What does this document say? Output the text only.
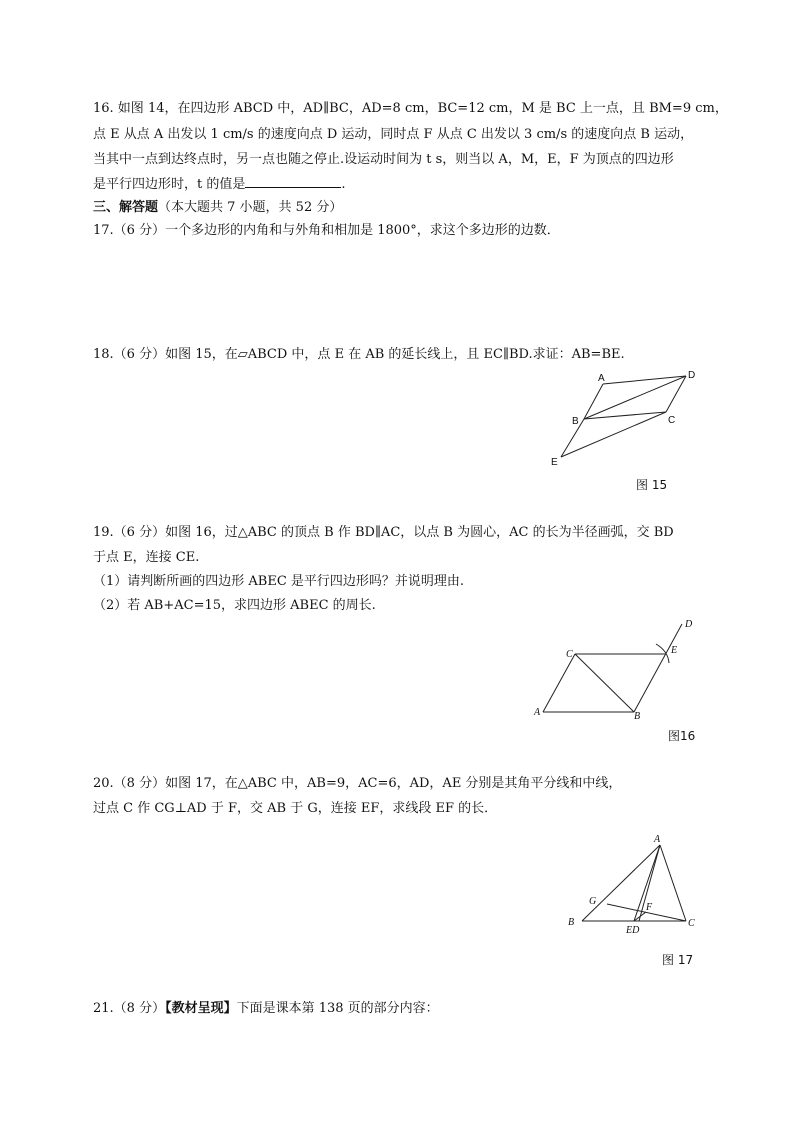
16. 如图 14，在四边形 ABCD 中，AD∥BC，AD=8 cm，BC=12 cm，M 是 BC 上一点，且 BM=9 cm，
点 E 从点 A 出发以 1 cm/s 的速度向点 D 运动，同时点 F 从点 C 出发以 3 cm/s 的速度向点 B 运动，
当其中一点到达终点时，另一点也随之停止.设运动时间为 t s，则当以 A，M，E，F 为顶点的四边形
是平行四边形时，t 的值是	.
三、解答题（本大题共 7 小题，共 52 分）
17.（6 分）一个多边形的内角和与外角和相加是 1800°，求这个多边形的边数．
18.（6 分）如图 15，在▱ABCD 中，点 E 在 AB 的延长线上，且 EC∥BD.求证：AB=BE.
A	D
B	C
E
图 15
19.（6 分）如图 16，过△ABC 的顶点 B 作 BD∥AC，以点 B 为圆心，AC 的长为半径画弧，交 BD
于点 E，连接 CE.
（1）请判断所画的四边形 ABEC 是平行四边形吗？并说明理由.
（2）若 AB+AC=15，求四边形 ABEC 的周长.
A	B
C
D
E
图16
20.（8 分）如图 17，在△ABC 中，AB=9，AC=6，AD，AE 分别是其角平分线和中线，
过点 C 作 CG⊥AD 于 F，交 AB 于 G，连接 EF，求线段 EF 的长．
A
B	C
G
F
ED
图 17
21.（8 分）【教材呈现】下面是课本第 138 页的部分内容：
